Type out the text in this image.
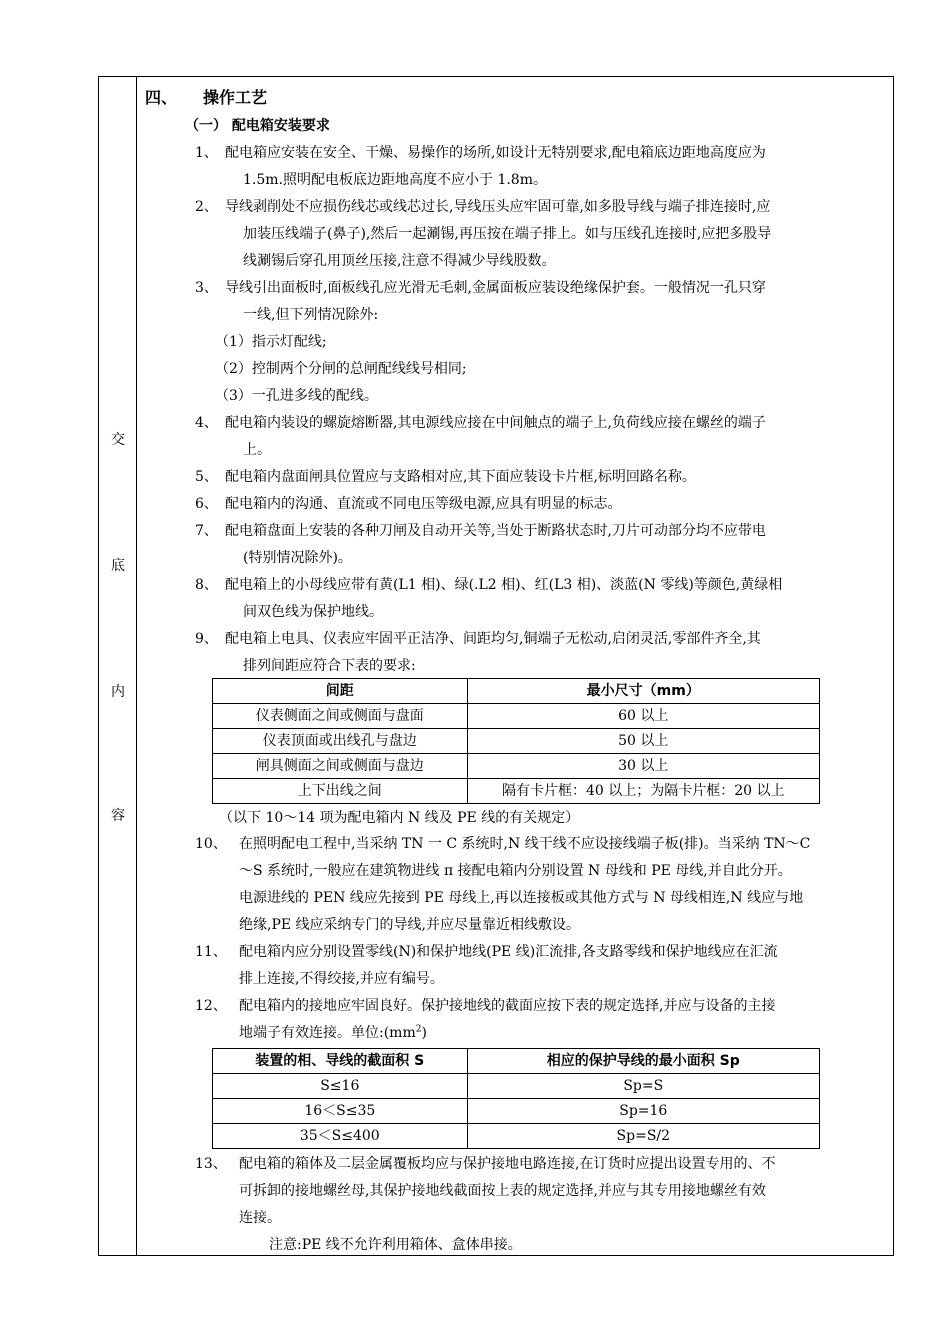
交
底
内
容
四、 操作工艺
（一） 配电箱安装要求
1、 配电箱应安装在安全、干燥、易操作的场所,如设计无特别要求,配电箱底边距地高度应为
1.5m.照明配电板底边距地高度不应小于 1.8m。
2、 导线剥削处不应损伤线芯或线芯过长,导线压头应牢固可靠,如多股导线与端子排连接时,应
加装压线端子(鼻子),然后一起涮锡,再压按在端子排上。如与压线孔连接时,应把多股导
线涮锡后穿孔用顶丝压接,注意不得减少导线股数。
3、 导线引出面板时,面板线孔应光滑无毛刺,金属面板应装设绝缘保护套。一般情况一孔只穿
一线,但下列情况除外:
（1）指示灯配线;
（2）控制两个分闸的总闸配线线号相同;
（3）一孔进多线的配线。
4、 配电箱内装设的螺旋熔断器,其电源线应接在中间触点的端子上,负荷线应接在螺丝的端子
上。
5、 配电箱内盘面闸具位置应与支路相对应,其下面应装设卡片框,标明回路名称。
6、 配电箱内的沟通、直流或不同电压等级电源,应具有明显的标志。
7、 配电箱盘面上安装的各种刀闸及自动开关等,当处于断路状态时,刀片可动部分均不应带电
(特别情况除外)。
8、 配电箱上的小母线应带有黄(L1 相)、绿(.L2 相)、红(L3 相)、淡蓝(N 零线)等颜色,黄绿相
间双色线为保护地线。
9、 配电箱上电具、仪表应牢固平正洁净、间距均匀,铜端子无松动,启闭灵活,零部件齐全,其
排列间距应符合下表的要求:
间距	最小尺寸（mm）
仪表侧面之间或侧面与盘面	60 以上
仪表顶面或出线孔与盘边	50 以上
闸具侧面之间或侧面与盘边	30 以上
上下出线之间	隔有卡片框：40 以上；为隔卡片框：20 以上
（以下 10～14 项为配电箱内 N 线及 PE 线的有关规定）
10、 在照明配电工程中,当采纳 TN 一 C 系统时,N 线干线不应设接线端子板(排)。当采纳 TN～C
～S 系统时,一般应在建筑物进线 π 接配电箱内分别设置 N 母线和 PE 母线,并自此分开。
电源进线的 PEN 线应先接到 PE 母线上,再以连接板或其他方式与 N 母线相连,N 线应与地
绝缘,PE 线应采纳专门的导线,并应尽量靠近相线敷设。
11、 配电箱内应分别设置零线(N)和保护地线(PE 线)汇流排,各支路零线和保护地线应在汇流
排上连接,不得绞接,并应有编号。
12、 配电箱内的接地应牢固良好。保护接地线的截面应按下表的规定选择,并应与设备的主接
地端子有效连接。单位$:(mm^2)$
装置的相、导线的截面积 S	相应的保护导线的最小面积 Sp
S≤16	Sp=S
16＜S≤35	Sp=16
35＜S≤400	Sp=S/2
13、 配电箱的箱体及二层金属覆板均应与保护接地电路连接,在订货时应提出设置专用的、不
可拆卸的接地螺丝母,其保护接地线截面按上表的规定选择,并应与其专用接地螺丝有效
连接。
注意:PE 线不允许利用箱体、盒体串接。
